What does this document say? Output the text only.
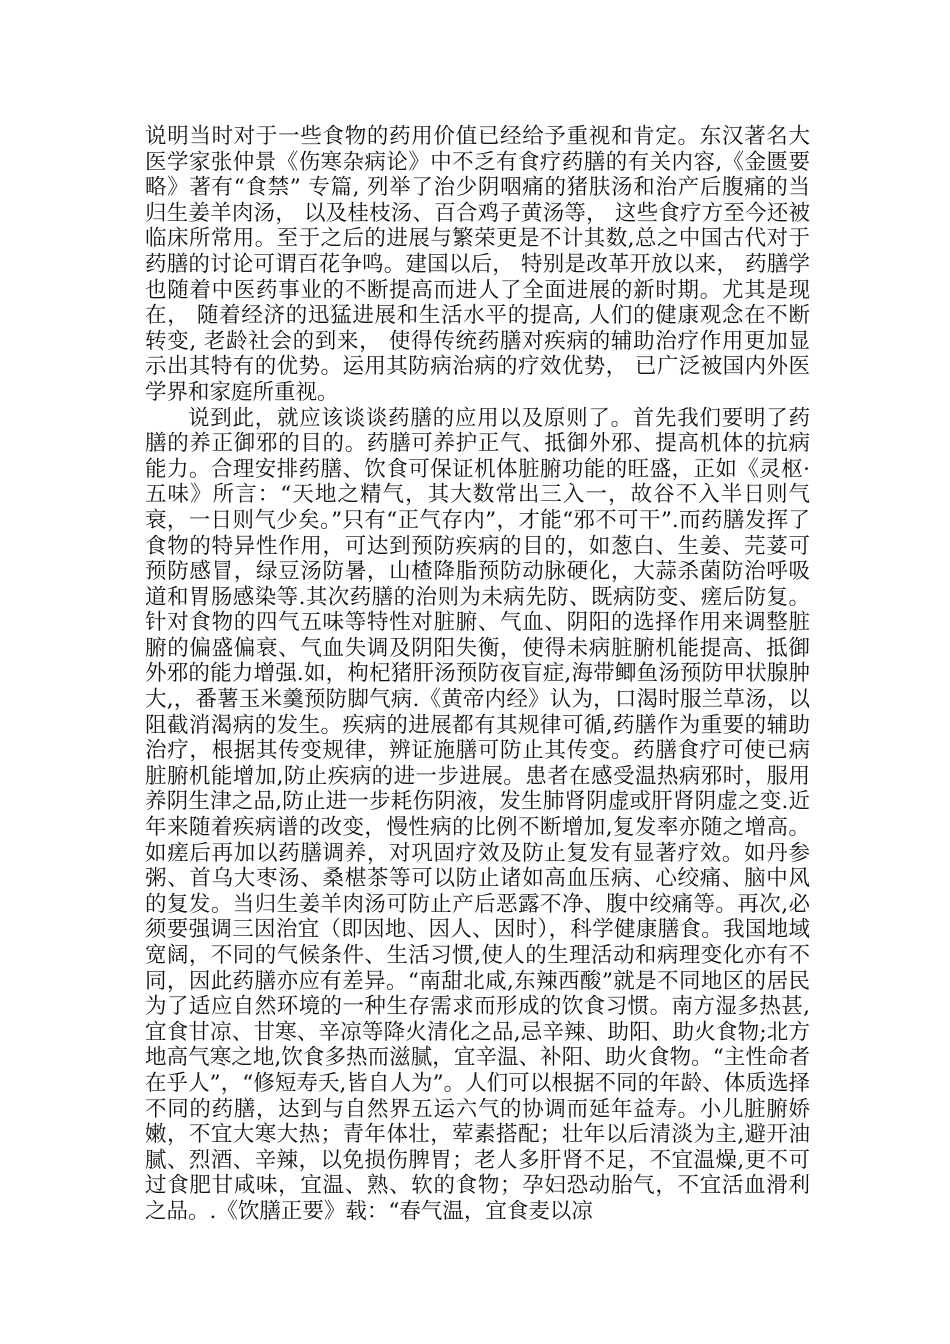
说明当时对于一些食物的药用价值已经给予重视和肯定。东汉著名大医学家张仲景《伤寒杂病论》中不乏有食疗药膳的有关内容,《金匮要略》著有“食禁” 专篇, 列举了治少阴咽痛的猪肤汤和治产后腹痛的当归生姜羊肉汤， 以及桂枝汤、百合鸡子黄汤等， 这些食疗方至今还被临床所常用。至于之后的进展与繁荣更是不计其数,总之中国古代对于药膳的讨论可谓百花争鸣。建国以后， 特别是改革开放以来， 药膳学也随着中医药事业的不断提高而进人了全面进展的新时期。尤其是现在， 随着经济的迅猛进展和生活水平的提高, 人们的健康观念在不断转变, 老龄社会的到来， 使得传统药膳对疾病的辅助治疗作用更加显示出其特有的优势。运用其防病治病的疗效优势， 已广泛被国内外医学界和家庭所重视。

说到此，就应该谈谈药膳的应用以及原则了。首先我们要明了药膳的养正御邪的目的。药膳可养护正气、抵御外邪、提高机体的抗病能力。合理安排药膳、饮食可保证机体脏腑功能的旺盛，正如《灵枢·五味》所言：“天地之精气，其大数常出三入一，故谷不入半日则气衰，一日则气少矣。”只有“正气存内”，才能“邪不可干”.而药膳发挥了食物的特异性作用，可达到预防疾病的目的，如葱白、生姜、芫荽可预防感冒，绿豆汤防暑，山楂降脂预防动脉硬化，大蒜杀菌防治呼吸道和胃肠感染等.其次药膳的治则为未病先防、既病防变、瘥后防复。针对食物的四气五味等特性对脏腑、气血、阴阳的选择作用来调整脏腑的偏盛偏衰、气血失调及阴阳失衡，使得未病脏腑机能提高、抵御外邪的能力增强.如，枸杞猪肝汤预防夜盲症,海带鲫鱼汤预防甲状腺肿大,，番薯玉米羹预防脚气病.《黄帝内经》认为，口渴时服兰草汤，以阻截消渴病的发生。疾病的进展都有其规律可循,药膳作为重要的辅助治疗，根据其传变规律，辨证施膳可防止其传变。药膳食疗可使已病脏腑机能增加,防止疾病的进一步进展。患者在感受温热病邪时，服用养阴生津之品,防止进一步耗伤阴液，发生肺肾阴虚或肝肾阴虚之变.近年来随着疾病谱的改变，慢性病的比例不断增加,复发率亦随之增高。如瘥后再加以药膳调养，对巩固疗效及防止复发有显著疗效。如丹参粥、首乌大枣汤、桑椹茶等可以防止诸如高血压病、心绞痛、脑中风的复发。当归生姜羊肉汤可防止产后恶露不净、腹中绞痛等。再次,必须要强调三因治宜（即因地、因人、因时），科学健康膳食。我国地域宽阔，不同的气候条件、生活习惯,使人的生理活动和病理变化亦有不同，因此药膳亦应有差异。“南甜北咸,东辣西酸”就是不同地区的居民为了适应自然环境的一种生存需求而形成的饮食习惯。南方湿多热甚,宜食甘凉、甘寒、辛凉等降火清化之品,忌辛辣、助阳、助火食物;北方地高气寒之地,饮食多热而滋腻，宜辛温、补阳、助火食物。“主性命者在乎人”，“修短寿夭,皆自人为”。人们可以根据不同的年龄、体质选择不同的药膳，达到与自然界五运六气的协调而延年益寿。小儿脏腑娇嫩，不宜大寒大热；青年体壮，荤素搭配；壮年以后清淡为主,避开油腻、烈酒、辛辣，以免损伤脾胃；老人多肝肾不足，不宜温燥,更不可过食肥甘咸味，宜温、熟、软的食物；孕妇恐动胎气，不宜活血滑利之品。.《饮膳正要》载：“春气温，宜食麦以凉
